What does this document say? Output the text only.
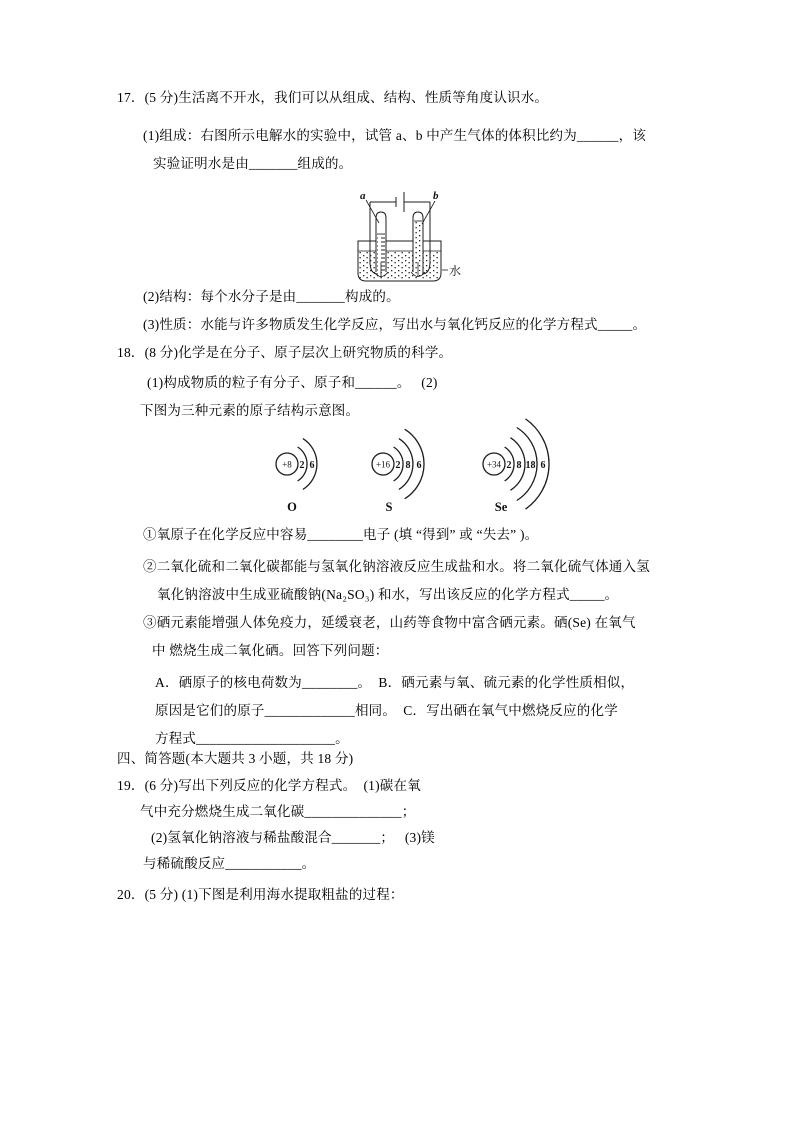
17．(5 分)生活离不开水，我们可以从组成、结构、性质等角度认识水。

(1)组成：右图所示电解水的实验中，试管 a、b 中产生气体的体积比约为______，该

实验证明水是由_______组成的。

a	b
水

(2)结构：每个水分子是由_______构成的。

(3)性质：水能与许多物质发生化学反应，写出水与氧化钙反应的化学方程式_____。

18．(8 分)化学是在分子、原子层次上研究物质的科学。

(1)构成物质的粒子有分子、原子和______。   (2)

下图为三种元素的原子结构示意图。

+8 2 6
O
+16 2 8 6
S
+34 2 8 18 6
Se

①氧原子在化学反应中容易________电子 (填 “得到” 或 “失去” )。

②二氧化硫和二氧化碳都能与氢氧化钠溶液反应生成盐和水。将二氧化硫气体通入氢

氧化钠溶波中生成亚硫酸钠(Na₂SO₃) 和水，写出该反应的化学方程式_____。

③硒元素能增强人体免疫力，延缓衰老，山药等食物中富含硒元素。硒(Se) 在氧气

中 燃烧生成二氧化硒。回答下列问题：

A．硒原子的核电荷数为________。  B．硒元素与氧、硫元素的化学性质相似，

原因是它们的原子_____________相同。  C．写出硒在氧气中燃烧反应的化学

方程式____________________。

四、简答题(本大题共 3 小题，共 18 分)

19．(6 分)写出下列反应的化学方程式。  (1)碳在氧

气中充分燃烧生成二氧化碳______________；

(2)氢氧化钠溶液与稀盐酸混合_______；   (3)镁

与稀硫酸反应___________。

20．(5 分) (1)下图是利用海水提取粗盐的过程：
